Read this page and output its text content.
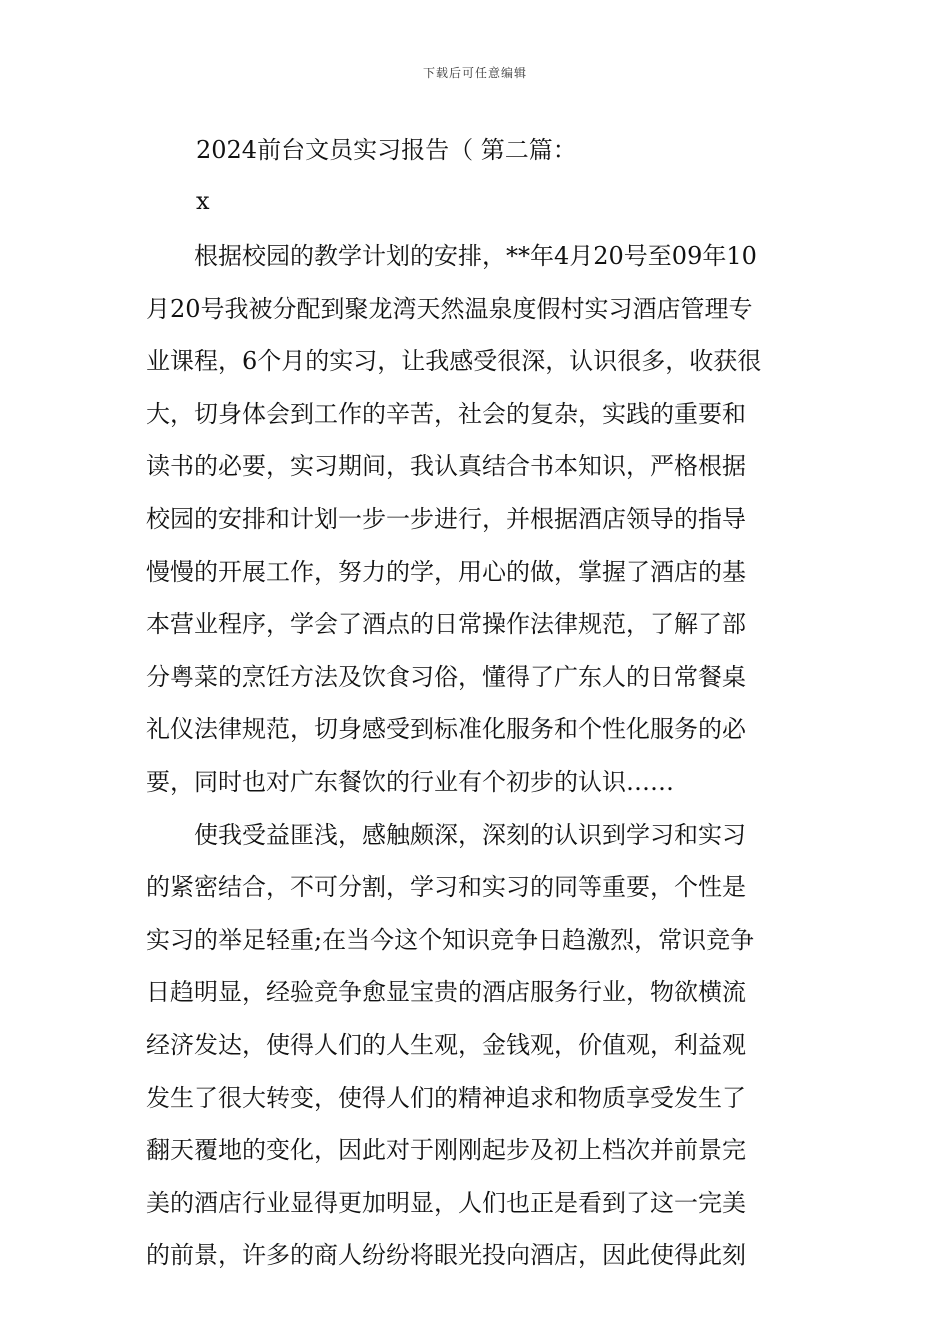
下载后可任意编辑
2024前台文员实习报告（ 第二篇：
x
　　根据校园的教学计划的安排，**年4月20号至09年10
月20号我被分配到聚龙湾天然温泉度假村实习酒店管理专
业课程，6个月的实习，让我感受很深，认识很多，收获很
大，切身体会到工作的辛苦，社会的复杂，实践的重要和
读书的必要，实习期间，我认真结合书本知识，严格根据
校园的安排和计划一步一步进行，并根据酒店领导的指导
慢慢的开展工作，努力的学，用心的做，掌握了酒店的基
本营业程序，学会了酒点的日常操作法律规范，了解了部
分粤菜的烹饪方法及饮食习俗，懂得了广东人的日常餐桌
礼仪法律规范，切身感受到标准化服务和个性化服务的必
要，同时也对广东餐饮的行业有个初步的认识……
　　使我受益匪浅，感触颇深，深刻的认识到学习和实习
的紧密结合，不可分割，学习和实习的同等重要，个性是
实习的举足轻重;在当今这个知识竞争日趋激烈，常识竞争
日趋明显，经验竞争愈显宝贵的酒店服务行业，物欲横流
经济发达，使得人们的人生观，金钱观，价值观，利益观
发生了很大转变，使得人们的精神追求和物质享受发生了
翻天覆地的变化，因此对于刚刚起步及初上档次并前景完
美的酒店行业显得更加明显，人们也正是看到了这一完美
的前景，许多的商人纷纷将眼光投向酒店，因此使得此刻
